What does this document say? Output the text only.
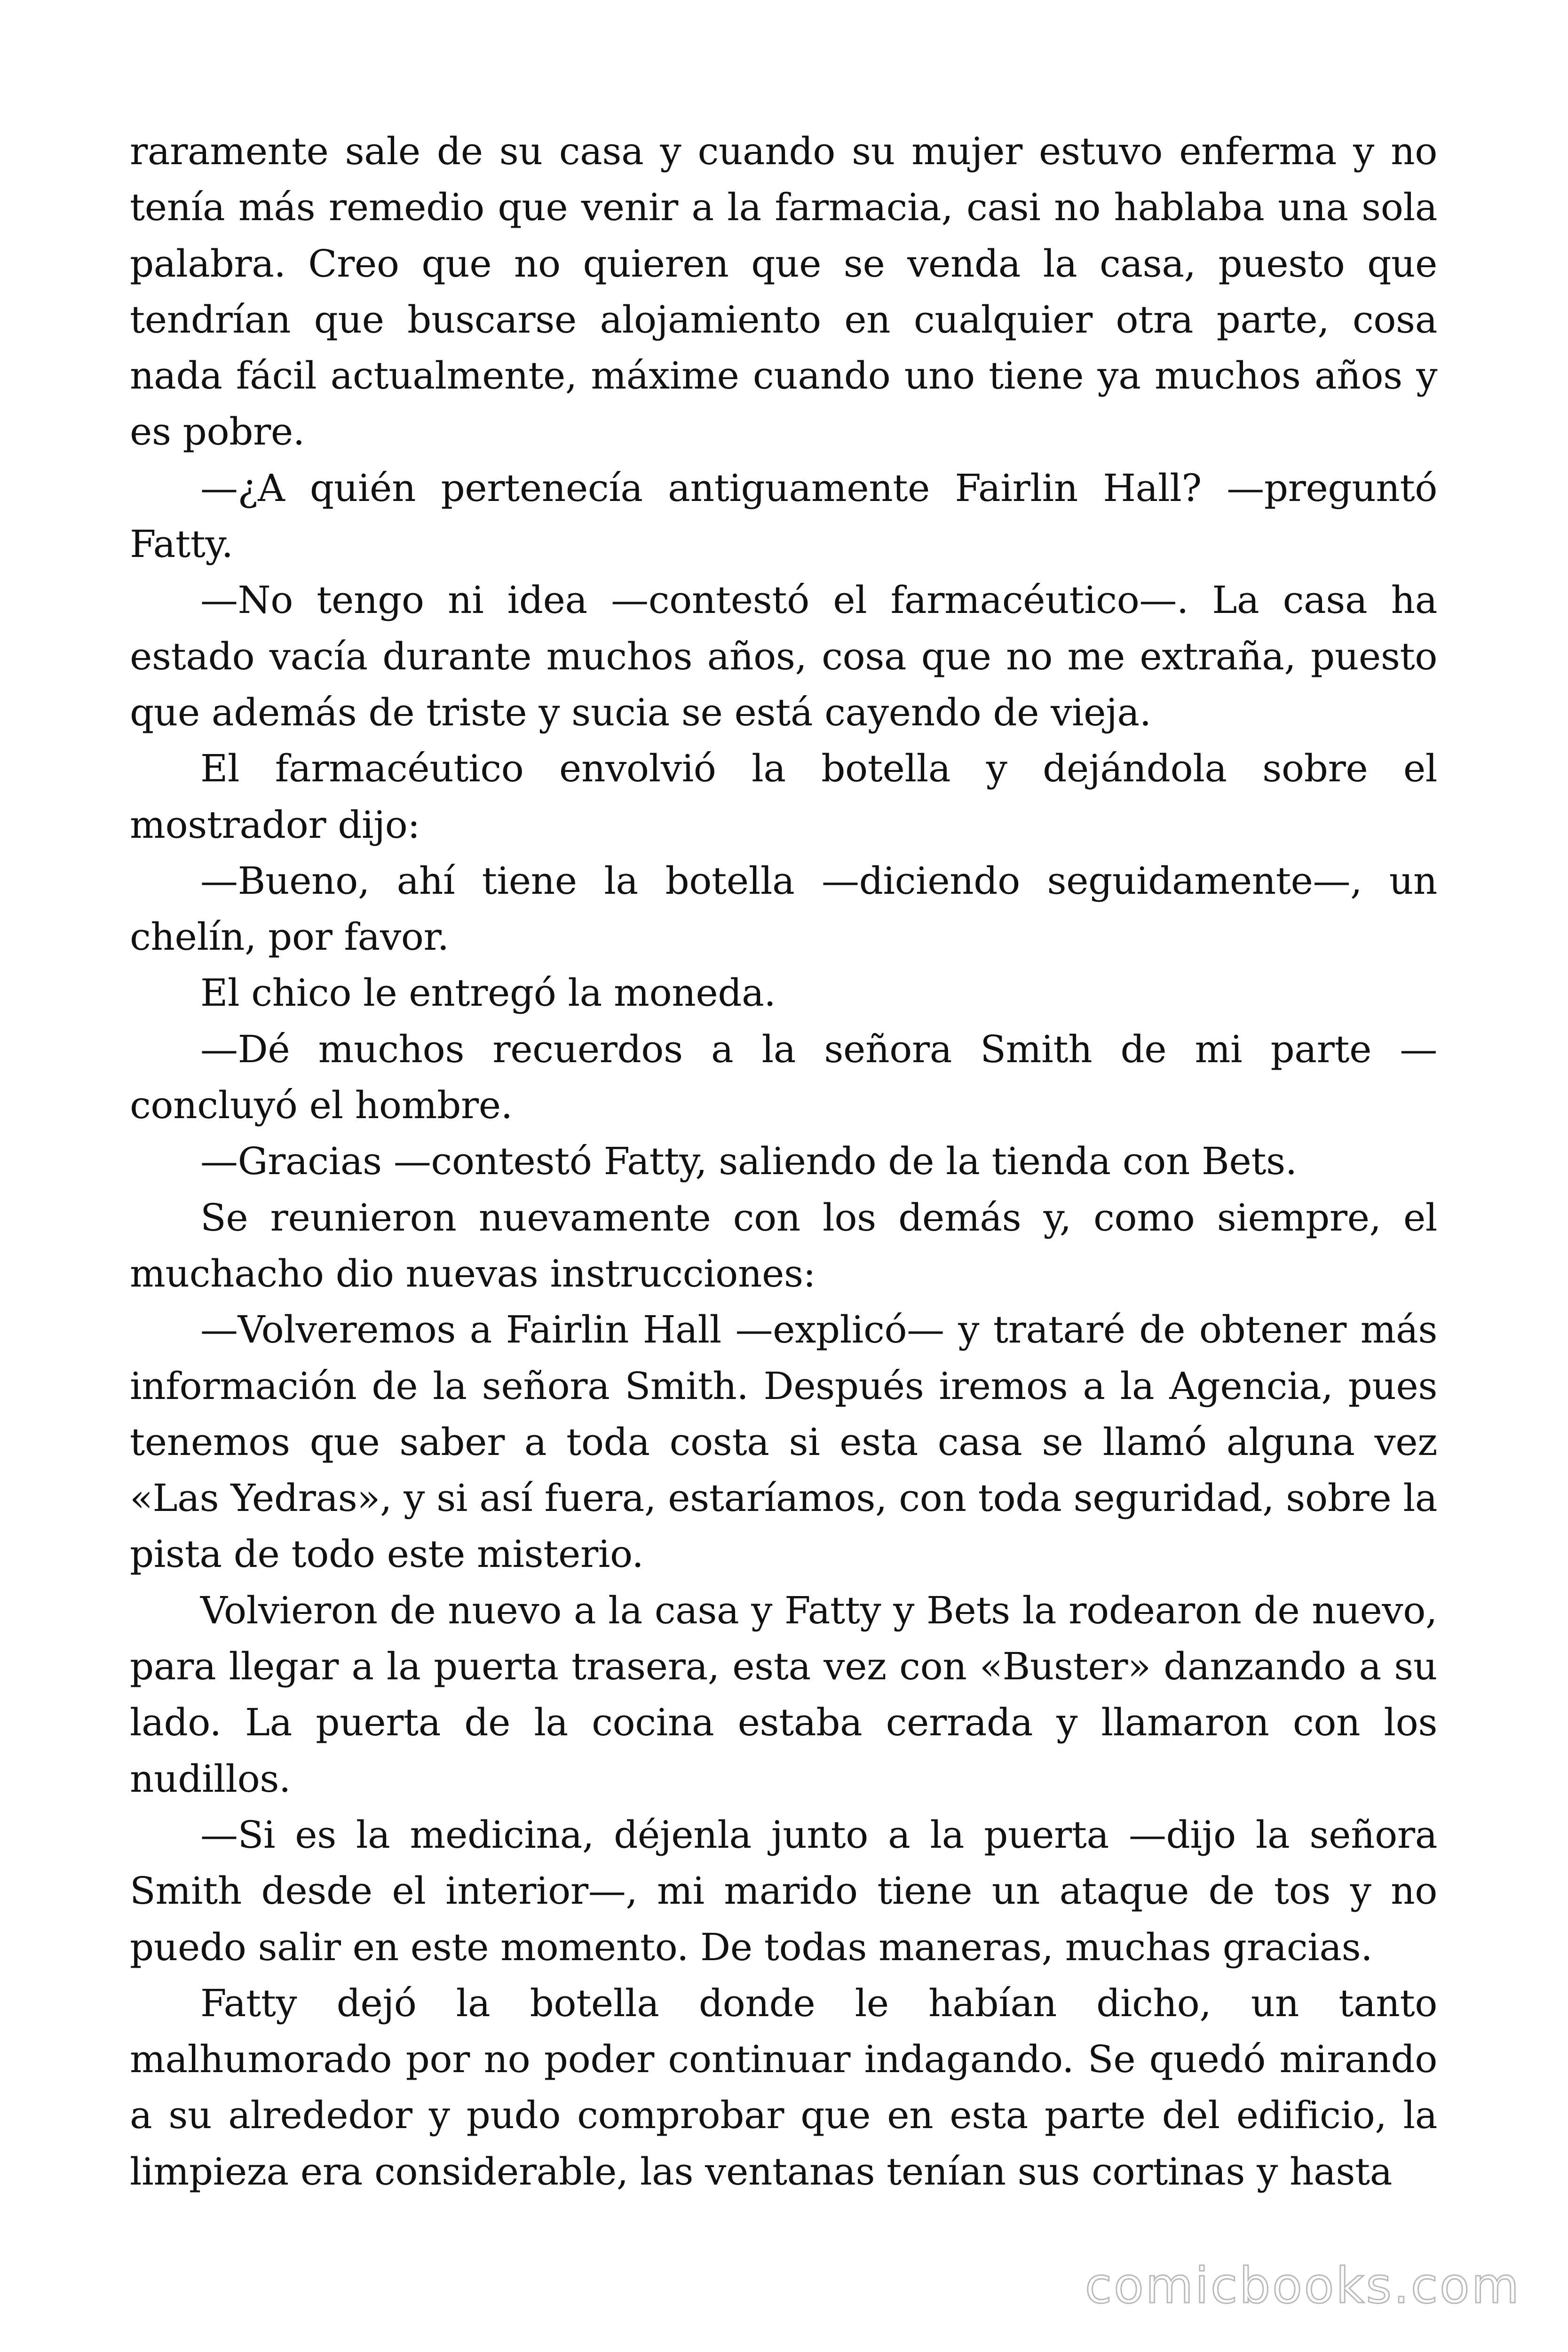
raramente sale de su casa y cuando su mujer estuvo enferma y no tenía más remedio que venir a la farmacia, casi no hablaba una sola palabra. Creo que no quieren que se venda la casa, puesto que tendrían que buscarse alojamiento en cualquier otra parte, cosa nada fácil actualmente, máxime cuando uno tiene ya muchos años y es pobre.

—¿A quién pertenecía antiguamente Fairlin Hall? —preguntó Fatty.

—No tengo ni idea —contestó el farmacéutico—. La casa ha estado vacía durante muchos años, cosa que no me extraña, puesto que además de triste y sucia se está cayendo de vieja.

El farmacéutico envolvió la botella y dejándola sobre el mostrador dijo:

—Bueno, ahí tiene la botella —diciendo seguidamente—, un chelín, por favor.

El chico le entregó la moneda.

—Dé muchos recuerdos a la señora Smith de mi parte — concluyó el hombre.

—Gracias —contestó Fatty, saliendo de la tienda con Bets.

Se reunieron nuevamente con los demás y, como siempre, el muchacho dio nuevas instrucciones:

—Volveremos a Fairlin Hall —explicó— y trataré de obtener más información de la señora Smith. Después iremos a la Agencia, pues tenemos que saber a toda costa si esta casa se llamó alguna vez «Las Yedras», y si así fuera, estaríamos, con toda seguridad, sobre la pista de todo este misterio.

Volvieron de nuevo a la casa y Fatty y Bets la rodearon de nuevo, para llegar a la puerta trasera, esta vez con «Buster» danzando a su lado. La puerta de la cocina estaba cerrada y llamaron con los nudillos.

—Si es la medicina, déjenla junto a la puerta —dijo la señora Smith desde el interior—, mi marido tiene un ataque de tos y no puedo salir en este momento. De todas maneras, muchas gracias.

Fatty dejó la botella donde le habían dicho, un tanto malhumorado por no poder continuar indagando. Se quedó mirando a su alrededor y pudo comprobar que en esta parte del edificio, la limpieza era considerable, las ventanas tenían sus cortinas y hasta

comicbooks.com
